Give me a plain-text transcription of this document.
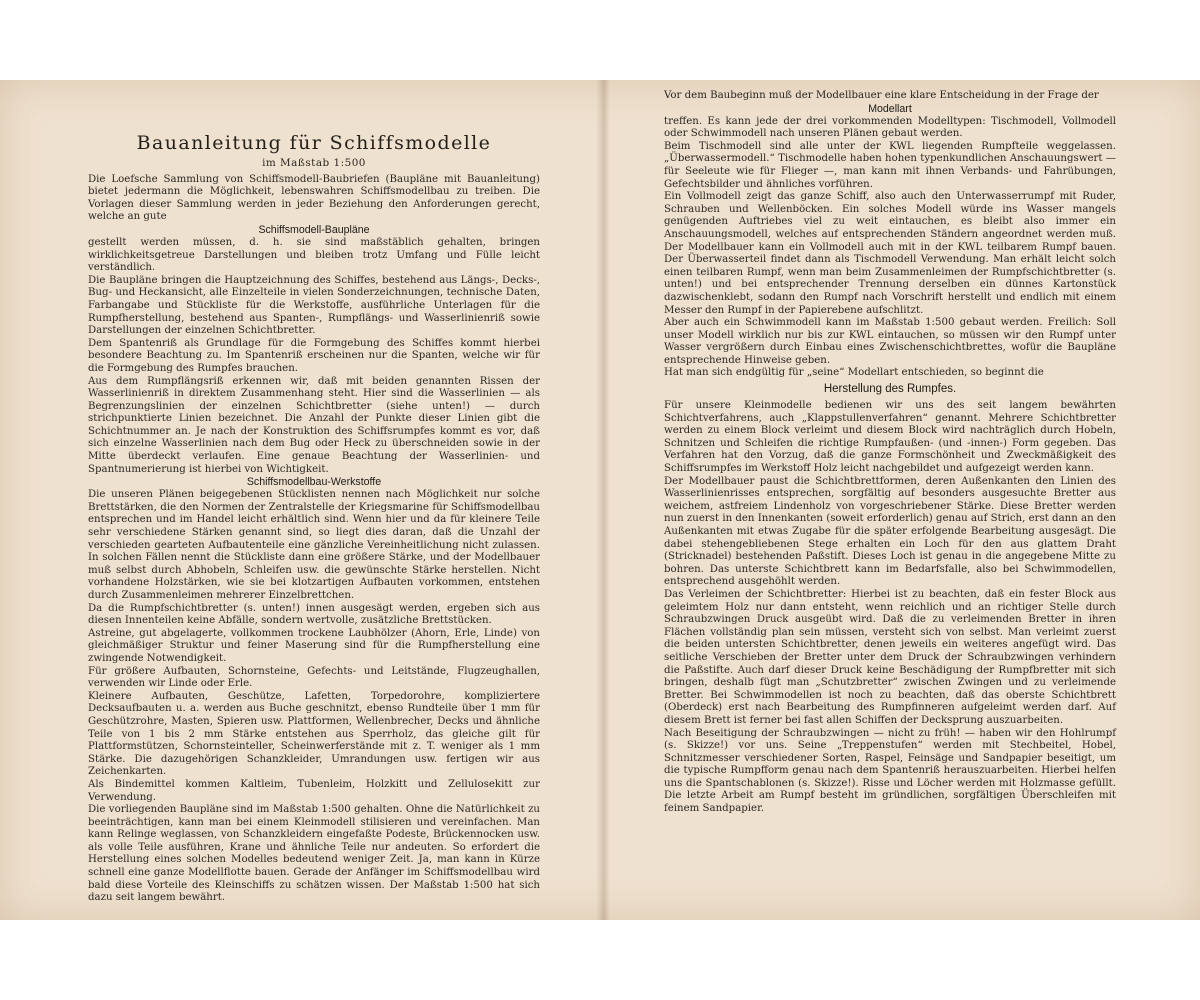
Bauanleitung für Schiffsmodelle
im Maßstab 1:500

Die Loefsche Sammlung von Schiffsmodell-Baubriefen (Baupläne mit Bauanleitung) bietet jedermann die Möglichkeit, lebenswahren Schiffsmodellbau zu treiben. Die Vorlagen dieser Sammlung werden in jeder Beziehung den Anforderungen gerecht, welche an gute

Schiffsmodell-Baupläne

gestellt werden müssen, d. h. sie sind maßstäblich gehalten, bringen wirklichkeitsgetreue Darstellungen und bleiben trotz Umfang und Fülle leicht verständlich.

Die Baupläne bringen die Hauptzeichnung des Schiffes, bestehend aus Längs-, Decks-, Bug- und Heckansicht, alle Einzelteile in vielen Sonderzeichnungen, technische Daten, Farbangabe und Stückliste für die Werkstoffe, ausführliche Unterlagen für die Rumpfherstellung, bestehend aus Spanten-, Rumpflängs- und Wasserlinienriß sowie Darstellungen der einzelnen Schichtbretter.

Dem Spantenriß als Grundlage für die Formgebung des Schiffes kommt hierbei besondere Beachtung zu. Im Spantenriß erscheinen nur die Spanten, welche wir für die Formgebung des Rumpfes brauchen.

Aus dem Rumpflängsriß erkennen wir, daß mit beiden genannten Rissen der Wasserlinienriß in direktem Zusammenhang steht. Hier sind die Wasserlinien — als Begrenzungslinien der einzelnen Schichtbretter (siehe unten!) — durch strichpunktierte Linien bezeichnet. Die Anzahl der Punkte dieser Linien gibt die Schichtnummer an. Je nach der Konstruktion des Schiffsrumpfes kommt es vor, daß sich einzelne Wasserlinien nach dem Bug oder Heck zu überschneiden sowie in der Mitte überdeckt verlaufen. Eine genaue Beachtung der Wasserlinien- und Spantnumerierung ist hierbei von Wichtigkeit.

Schiffsmodellbau-Werkstoffe

Die unseren Plänen beigegebenen Stücklisten nennen nach Möglichkeit nur solche Brettstärken, die den Normen der Zentralstelle der Kriegsmarine für Schiffsmodellbau entsprechen und im Handel leicht erhältlich sind. Wenn hier und da für kleinere Teile sehr verschiedene Stärken genannt sind, so liegt dies daran, daß die Unzahl der verschieden gearteten Aufbautenteile eine gänzliche Vereinheitlichung nicht zulassen. In solchen Fällen nennt die Stückliste dann eine größere Stärke, und der Modellbauer muß selbst durch Abhobeln, Schleifen usw. die gewünschte Stärke herstellen. Nicht vorhandene Holzstärken, wie sie bei klotzartigen Aufbauten vorkommen, entstehen durch Zusammenleimen mehrerer Einzelbrettchen.

Da die Rumpfschichtbretter (s. unten!) innen ausgesägt werden, ergeben sich aus diesen Innenteilen keine Abfälle, sondern wertvolle, zusätzliche Brettstücken.

Astreine, gut abgelagerte, vollkommen trockene Laubhölzer (Ahorn, Erle, Linde) von gleichmäßiger Struktur und feiner Maserung sind für die Rumpfherstellung eine zwingende Notwendigkeit.

Für größere Aufbauten, Schornsteine, Gefechts- und Leitstände, Flugzeughallen, verwenden wir Linde oder Erle.

Kleinere Aufbauten, Geschütze, Lafetten, Torpedorohre, kompliziertere Decksaufbauten u. a. werden aus Buche geschnitzt, ebenso Rundteile über 1 mm für Geschützrohre, Masten, Spieren usw. Plattformen, Wellenbrecher, Decks und ähnliche Teile von 1 bis 2 mm Stärke entstehen aus Sperrholz, das gleiche gilt für Plattformstützen, Schornsteinteller, Scheinwerferstände mit z. T. weniger als 1 mm Stärke. Die dazugehörigen Schanzkleider, Umrandungen usw. fertigen wir aus Zeichenkarten.

Als Bindemittel kommen Kaltleim, Tubenleim, Holzkitt und Zellulosekitt zur Verwendung.

Die vorliegenden Baupläne sind im Maßstab 1:500 gehalten. Ohne die Natürlichkeit zu beeinträchtigen, kann man bei einem Kleinmodell stilisieren und vereinfachen. Man kann Relinge weglassen, von Schanzkleidern eingefaßte Podeste, Brückennocken usw. als volle Teile ausführen, Krane und ähnliche Teile nur andeuten. So erfordert die Herstellung eines solchen Modelles bedeutend weniger Zeit. Ja, man kann in Kürze schnell eine ganze Modellflotte bauen. Gerade der Anfänger im Schiffsmodellbau wird bald diese Vorteile des Kleinschiffs zu schätzen wissen. Der Maßstab 1:500 hat sich dazu seit langem bewährt.

Vor dem Baubeginn muß der Modellbauer eine klare Entscheidung in der Frage der

Modellart

treffen. Es kann jede der drei vorkommenden Modelltypen: Tischmodell, Vollmodell oder Schwimmodell nach unseren Plänen gebaut werden.

Beim Tischmodell sind alle unter der KWL liegenden Rumpfteile weggelassen. „Überwassermodell.“ Tischmodelle haben hohen typenkundlichen Anschauungswert — für Seeleute wie für Flieger —, man kann mit ihnen Verbands- und Fahrübungen, Gefechtsbilder und ähnliches vorführen.

Ein Vollmodell zeigt das ganze Schiff, also auch den Unterwasserrumpf mit Ruder, Schrauben und Wellenböcken. Ein solches Modell würde ins Wasser mangels genügenden Auftriebes viel zu weit eintauchen, es bleibt also immer ein Anschauungsmodell, welches auf entsprechenden Ständern angeordnet werden muß. Der Modellbauer kann ein Vollmodell auch mit in der KWL teilbarem Rumpf bauen. Der Überwasserteil findet dann als Tischmodell Verwendung. Man erhält leicht solch einen teilbaren Rumpf, wenn man beim Zusammenleimen der Rumpfschichtbretter (s. unten!) und bei entsprechender Trennung derselben ein dünnes Kartonstück dazwischenklebt, sodann den Rumpf nach Vorschrift herstellt und endlich mit einem Messer den Rumpf in der Papierebene aufschlitzt.

Aber auch ein Schwimmodell kann im Maßstab 1:500 gebaut werden. Freilich: Soll unser Modell wirklich nur bis zur KWL eintauchen, so müssen wir den Rumpf unter Wasser vergrößern durch Einbau eines Zwischenschichtbrettes, wofür die Baupläne entsprechende Hinweise geben.

Hat man sich endgültig für „seine“ Modellart entschieden, so beginnt die

Herstellung des Rumpfes.

Für unsere Kleinmodelle bedienen wir uns des seit langem bewährten Schichtverfahrens, auch „Klappstullenverfahren“ genannt. Mehrere Schichtbretter werden zu einem Block verleimt und diesem Block wird nachträglich durch Hobeln, Schnitzen und Schleifen die richtige Rumpfaußen- (und -innen-) Form gegeben. Das Verfahren hat den Vorzug, daß die ganze Formschönheit und Zweckmäßigkeit des Schiffsrumpfes im Werkstoff Holz leicht nachgebildet und aufgezeigt werden kann.

Der Modellbauer paust die Schichtbrettformen, deren Außenkanten den Linien des Wasserlinienrisses entsprechen, sorgfältig auf besonders ausgesuchte Bretter aus weichem, astfreiem Lindenholz von vorgeschriebener Stärke. Diese Bretter werden nun zuerst in den Innenkanten (soweit erforderlich) genau auf Strich, erst dann an den Außenkanten mit etwas Zugabe für die später erfolgende Bearbeitung ausgesägt. Die dabei stehengebliebenen Stege erhalten ein Loch für den aus glattem Draht (Stricknadel) bestehenden Paßstift. Dieses Loch ist genau in die angegebene Mitte zu bohren. Das unterste Schichtbrett kann im Bedarfsfalle, also bei Schwimmodellen, entsprechend ausgehöhlt werden.

Das Verleimen der Schichtbretter: Hierbei ist zu beachten, daß ein fester Block aus geleimtem Holz nur dann entsteht, wenn reichlich und an richtiger Stelle durch Schraubzwingen Druck ausgeübt wird. Daß die zu verleimenden Bretter in ihren Flächen vollständig plan sein müssen, versteht sich von selbst. Man verleimt zuerst die beiden untersten Schichtbretter, denen jeweils ein weiteres angefügt wird. Das seitliche Verschieben der Bretter unter dem Druck der Schraubzwingen verhindern die Paßstifte. Auch darf dieser Druck keine Beschädigung der Rumpfbretter mit sich bringen, deshalb fügt man „Schutzbretter“ zwischen Zwingen und zu verleimende Bretter. Bei Schwimmodellen ist noch zu beachten, daß das oberste Schichtbrett (Oberdeck) erst nach Bearbeitung des Rumpfinneren aufgeleimt werden darf. Auf diesem Brett ist ferner bei fast allen Schiffen der Decksprung auszuarbeiten.

Nach Beseitigung der Schraubzwingen — nicht zu früh! — haben wir den Hohlrumpf (s. Skizze!) vor uns. Seine „Treppenstufen“ werden mit Stechbeitel, Hobel, Schnitzmesser verschiedener Sorten, Raspel, Feinsäge und Sandpapier beseitigt, um die typische Rumpfform genau nach dem Spantenriß herauszuarbeiten. Hierbei helfen uns die Spantschablonen (s. Skizze!). Risse und Löcher werden mit Holzmasse gefüllt. Die letzte Arbeit am Rumpf besteht im gründlichen, sorgfältigen Überschleifen mit feinem Sandpapier.
